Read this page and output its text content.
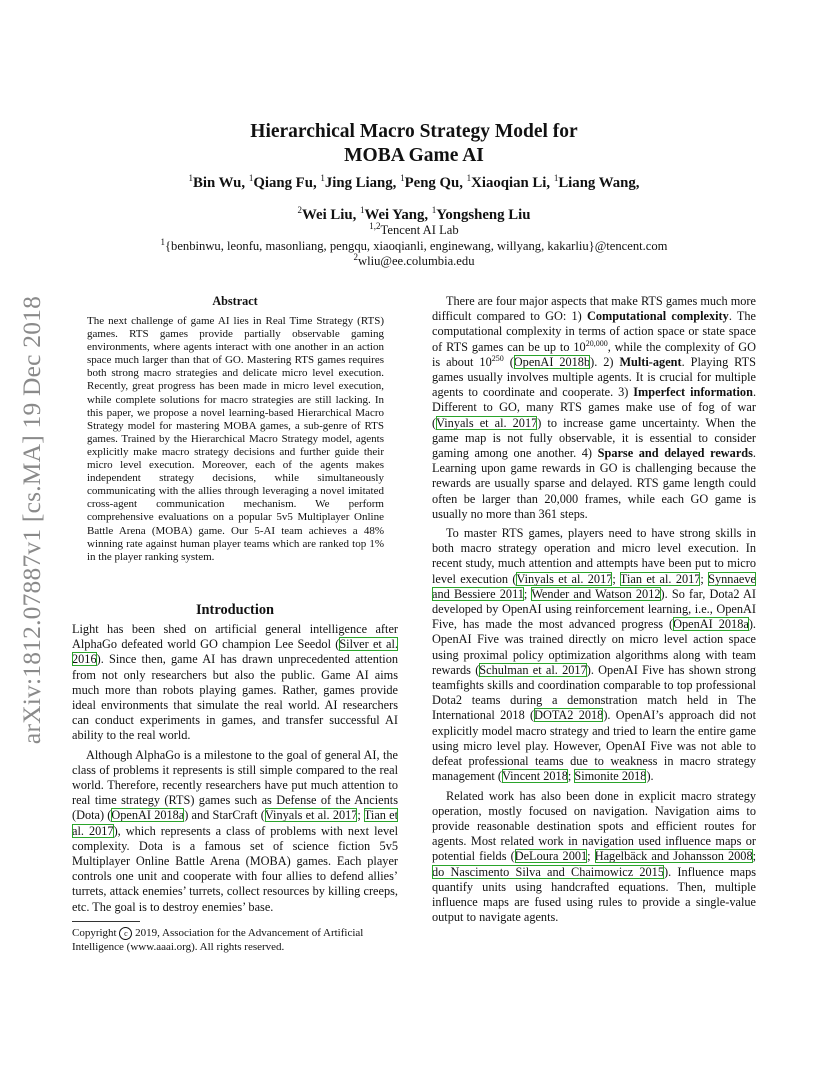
arXiv:1812.07887v1 [cs.MA] 19 Dec 2018
Hierarchical Macro Strategy Model for
MOBA Game AI
$^1$Bin Wu, $^1$Qiang Fu, $^1$Jing Liang, $^1$Peng Qu, $^1$Xiaoqian Li, $^1$Liang Wang,
$^2$Wei Liu, $^1$Wei Yang, $^1$Yongsheng Liu
$^{1,2}$Tencent AI Lab
$^1${benbinwu, leonfu, masonliang, pengqu, xiaoqianli, enginewang, willyang, kakarliu}@tencent.com
$^2$wliu@ee.columbia.edu
Abstract
The next challenge of game AI lies in Real Time Strategy (RTS) games. RTS games provide partially observable gaming environments, where agents interact with one another in an action space much larger than that of GO. Mastering RTS games requires both strong macro strategies and delicate micro level execution. Recently, great progress has been made in micro level execution, while complete solutions for macro strategies are still lacking. In this paper, we propose a novel learning-based Hierarchical Macro Strategy model for mastering MOBA games, a sub-genre of RTS games. Trained by the Hierarchical Macro Strategy model, agents explicitly make macro strategy decisions and further guide their micro level execution. Moreover, each of the agents makes independent strategy decisions, while simultaneously communicating with the allies through leveraging a novel imitated cross-agent communication mechanism. We perform comprehensive evaluations on a popular 5v5 Multiplayer Online Battle Arena (MOBA) game. Our 5-AI team achieves a 48% winning rate against human player teams which are ranked top 1% in the player ranking system.
Introduction

Light has been shed on artificial general intelligence after AlphaGo defeated world GO champion Lee Seedol (Silver et al. 2016). Since then, game AI has drawn unprecedented attention from not only researchers but also the public. Game AI aims much more than robots playing games. Rather, games provide ideal environments that simulate the real world. AI researchers can conduct experiments in games, and transfer successful AI ability to the real world.

Although AlphaGo is a milestone to the goal of general AI, the class of problems it represents is still simple compared to the real world. Therefore, recently researchers have put much attention to real time strategy (RTS) games such as Defense of the Ancients (Dota) (OpenAI 2018a) and StarCraft (Vinyals et al. 2017; Tian et al. 2017), which represents a class of problems with next level complexity. Dota is a famous set of science fiction 5v5 Multiplayer Online Battle Arena (MOBA) games. Each player controls one unit and cooperate with four allies to defend allies’ turrets, attack enemies’ turrets, collect resources by killing creeps, etc. The goal is to destroy enemies’ base.

Copyright c 2019, Association for the Advancement of Artificial Intelligence (www.aaai.org). All rights reserved.

There are four major aspects that make RTS games much more difficult compared to GO: 1) Computational complexity. The computational complexity in terms of action space or state space of RTS games can be up to 10$^{20,000}$, while the complexity of GO is about $10^{250}$ (OpenAI 2018b). 2) Multi-agent. Playing RTS games usually involves multiple agents. It is crucial for multiple agents to coordinate and cooperate. 3) Imperfect information. Different to GO, many RTS games make use of fog of war (Vinyals et al. 2017) to increase game uncertainty. When the game map is not fully observable, it is essential to consider gaming among one another. 4) Sparse and delayed rewards. Learning upon game rewards in GO is challenging because the rewards are usually sparse and delayed. RTS game length could often be larger than 20,000 frames, while each GO game is usually no more than 361 steps.

To master RTS games, players need to have strong skills in both macro strategy operation and micro level execution. In recent study, much attention and attempts have been put to micro level execution (Vinyals et al. 2017; Tian et al. 2017; Synnaeve and Bessiere 2011; Wender and Watson 2012). So far, Dota2 AI developed by OpenAI using reinforcement learning, i.e., OpenAI Five, has made the most advanced progress (OpenAI 2018a). OpenAI Five was trained directly on micro level action space using proximal policy optimization algorithms along with team rewards (Schulman et al. 2017). OpenAI Five has shown strong teamfights skills and coordination comparable to top professional Dota2 teams during a demonstration match held in The International 2018 (DOTA2 2018). OpenAI’s approach did not explicitly model macro strategy and tried to learn the entire game using micro level play. However, OpenAI Five was not able to defeat professional teams due to weakness in macro strategy management (Vincent 2018; Simonite 2018).

Related work has also been done in explicit macro strategy operation, mostly focused on navigation. Navigation aims to provide reasonable destination spots and efficient routes for agents. Most related work in navigation used influence maps or potential fields (DeLoura 2001; Hagelbäck and Johansson 2008; do Nascimento Silva and Chaimowicz 2015). Influence maps quantify units using handcrafted equations. Then, multiple influence maps are fused using rules to provide a single-value output to navigate agents.
